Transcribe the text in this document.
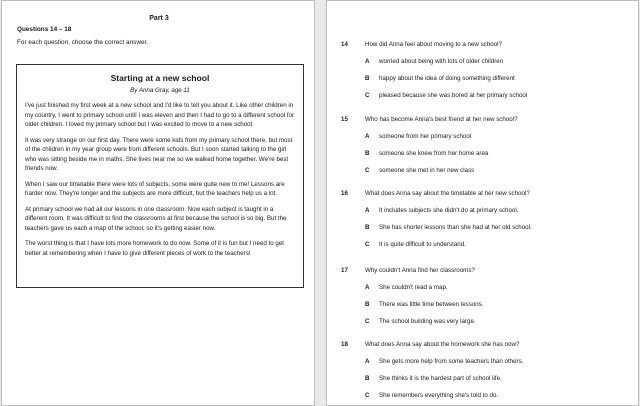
Part 3
Questions 14 – 18
For each question, choose the correct answer.
Starting at a new school
By Anna Gray, age 11

I've just finished my first week at a new school and I'd like to tell you about it. Like other children in my country, I went to primary school until I was eleven and then I had to go to a different school for older children. I loved my primary school but I was excited to move to a new school.

It was very strange on our first day. There were some kids from my primary school there, but most of the children in my year group were from different schools. But I soon started talking to the girl who was sitting beside me in maths. She lives near me so we walked home together. We're best friends now.

When I saw our timetable there were lots of subjects, some were quite new to me! Lessons are harder now. They're longer and the subjects are more difficult, but the teachers help us a lot.

At primary school we had all our lessons in one classroom. Now each subject is taught in a different room. It was difficult to find the classrooms at first because the school is so big. But the teachers gave us each a map of the school, so it's getting easier now.

The worst thing is that I have lots more homework to do now. Some of it is fun but I need to get better at remembering when I have to give different pieces of work to the teachers!

14	How did Anna feel about moving to a new school?
A	worried about being with lots of older children
B	happy about the idea of doing something different
C	pleased because she was bored at her primary school
15	Who has become Anna's best friend at her new school?
A	someone from her primary school
B	someone she knew from her home area
C	someone she met in her new class
16	What does Anna say about the timetable at her new school?
A	It includes subjects she didn't do at primary school.
B	She has shorter lessons than she had at her old school.
C	It is quite difficult to understand.
17	Why couldn't Anna find her classrooms?
A	She couldn't read a map.
B	There was little time between lessons.
C	The school building was very large.
18	What does Anna say about the homework she has now?
A	She gets more help from some teachers than others.
B	She thinks it is the hardest part of school life.
C	She remembers everything she's told to do.
